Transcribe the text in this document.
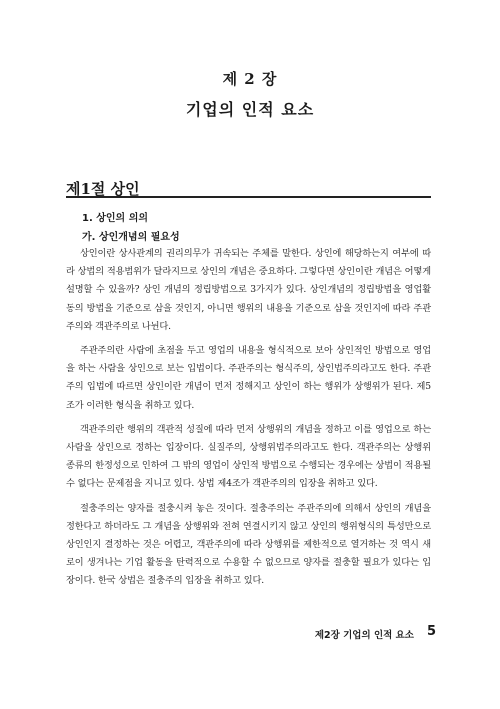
제 2 장
기업의 인적 요소
제1절 상인
1. 상인의 의의
가. 상인개념의 필요성

상인이란 상사관계의 권리의무가 귀속되는 주체를 말한다. 상인에 해당하는지 여부에 따라 상법의 적용범위가 달라지므로 상인의 개념은 중요하다. 그렇다면 상인이란 개념은 어떻게 설명할 수 있을까? 상인 개념의 정립방법으로 3가지가 있다. 상인개념의 정립방법을 영업활동의 방법을 기준으로 삼을 것인지, 아니면 행위의 내용을 기준으로 삼을 것인지에 따라 주관주의와 객관주의로 나뉜다.

주관주의란 사람에 초점을 두고 영업의 내용을 형식적으로 보아 상인적인 방법으로 영업을 하는 사람을 상인으로 보는 입법이다. 주관주의는 형식주의, 상인법주의라고도 한다. 주관주의 입법에 따르면 상인이란 개념이 먼저 정해지고 상인이 하는 행위가 상행위가 된다. 제5조가 이러한 형식을 취하고 있다.

객관주의란 행위의 객관적 성질에 따라 먼저 상행위의 개념을 정하고 이를 영업으로 하는 사람을 상인으로 정하는 입장이다. 실질주의, 상행위법주의라고도 한다. 객관주의는 상행위 종류의 한정성으로 인하여 그 밖의 영업이 상인적 방법으로 수행되는 경우에는 상법이 적용될 수 없다는 문제점을 지니고 있다. 상법 제4조가 객관주의의 입장을 취하고 있다.

절충주의는 양자를 절충시켜 놓은 것이다. 절충주의는 주관주의에 의해서 상인의 개념을 정한다고 하더라도 그 개념을 상행위와 전혀 연결시키지 않고 상인의 행위형식의 특성만으로 상인인지 결정하는 것은 어렵고, 객관주의에 따라 상행위를 제한적으로 열거하는 것 역시 새로이 생겨나는 기업 활동을 탄력적으로 수용할 수 없으므로 양자를 절충할 필요가 있다는 입장이다. 한국 상법은 절충주의 입장을 취하고 있다.

제2장 기업의 인적 요소 5
